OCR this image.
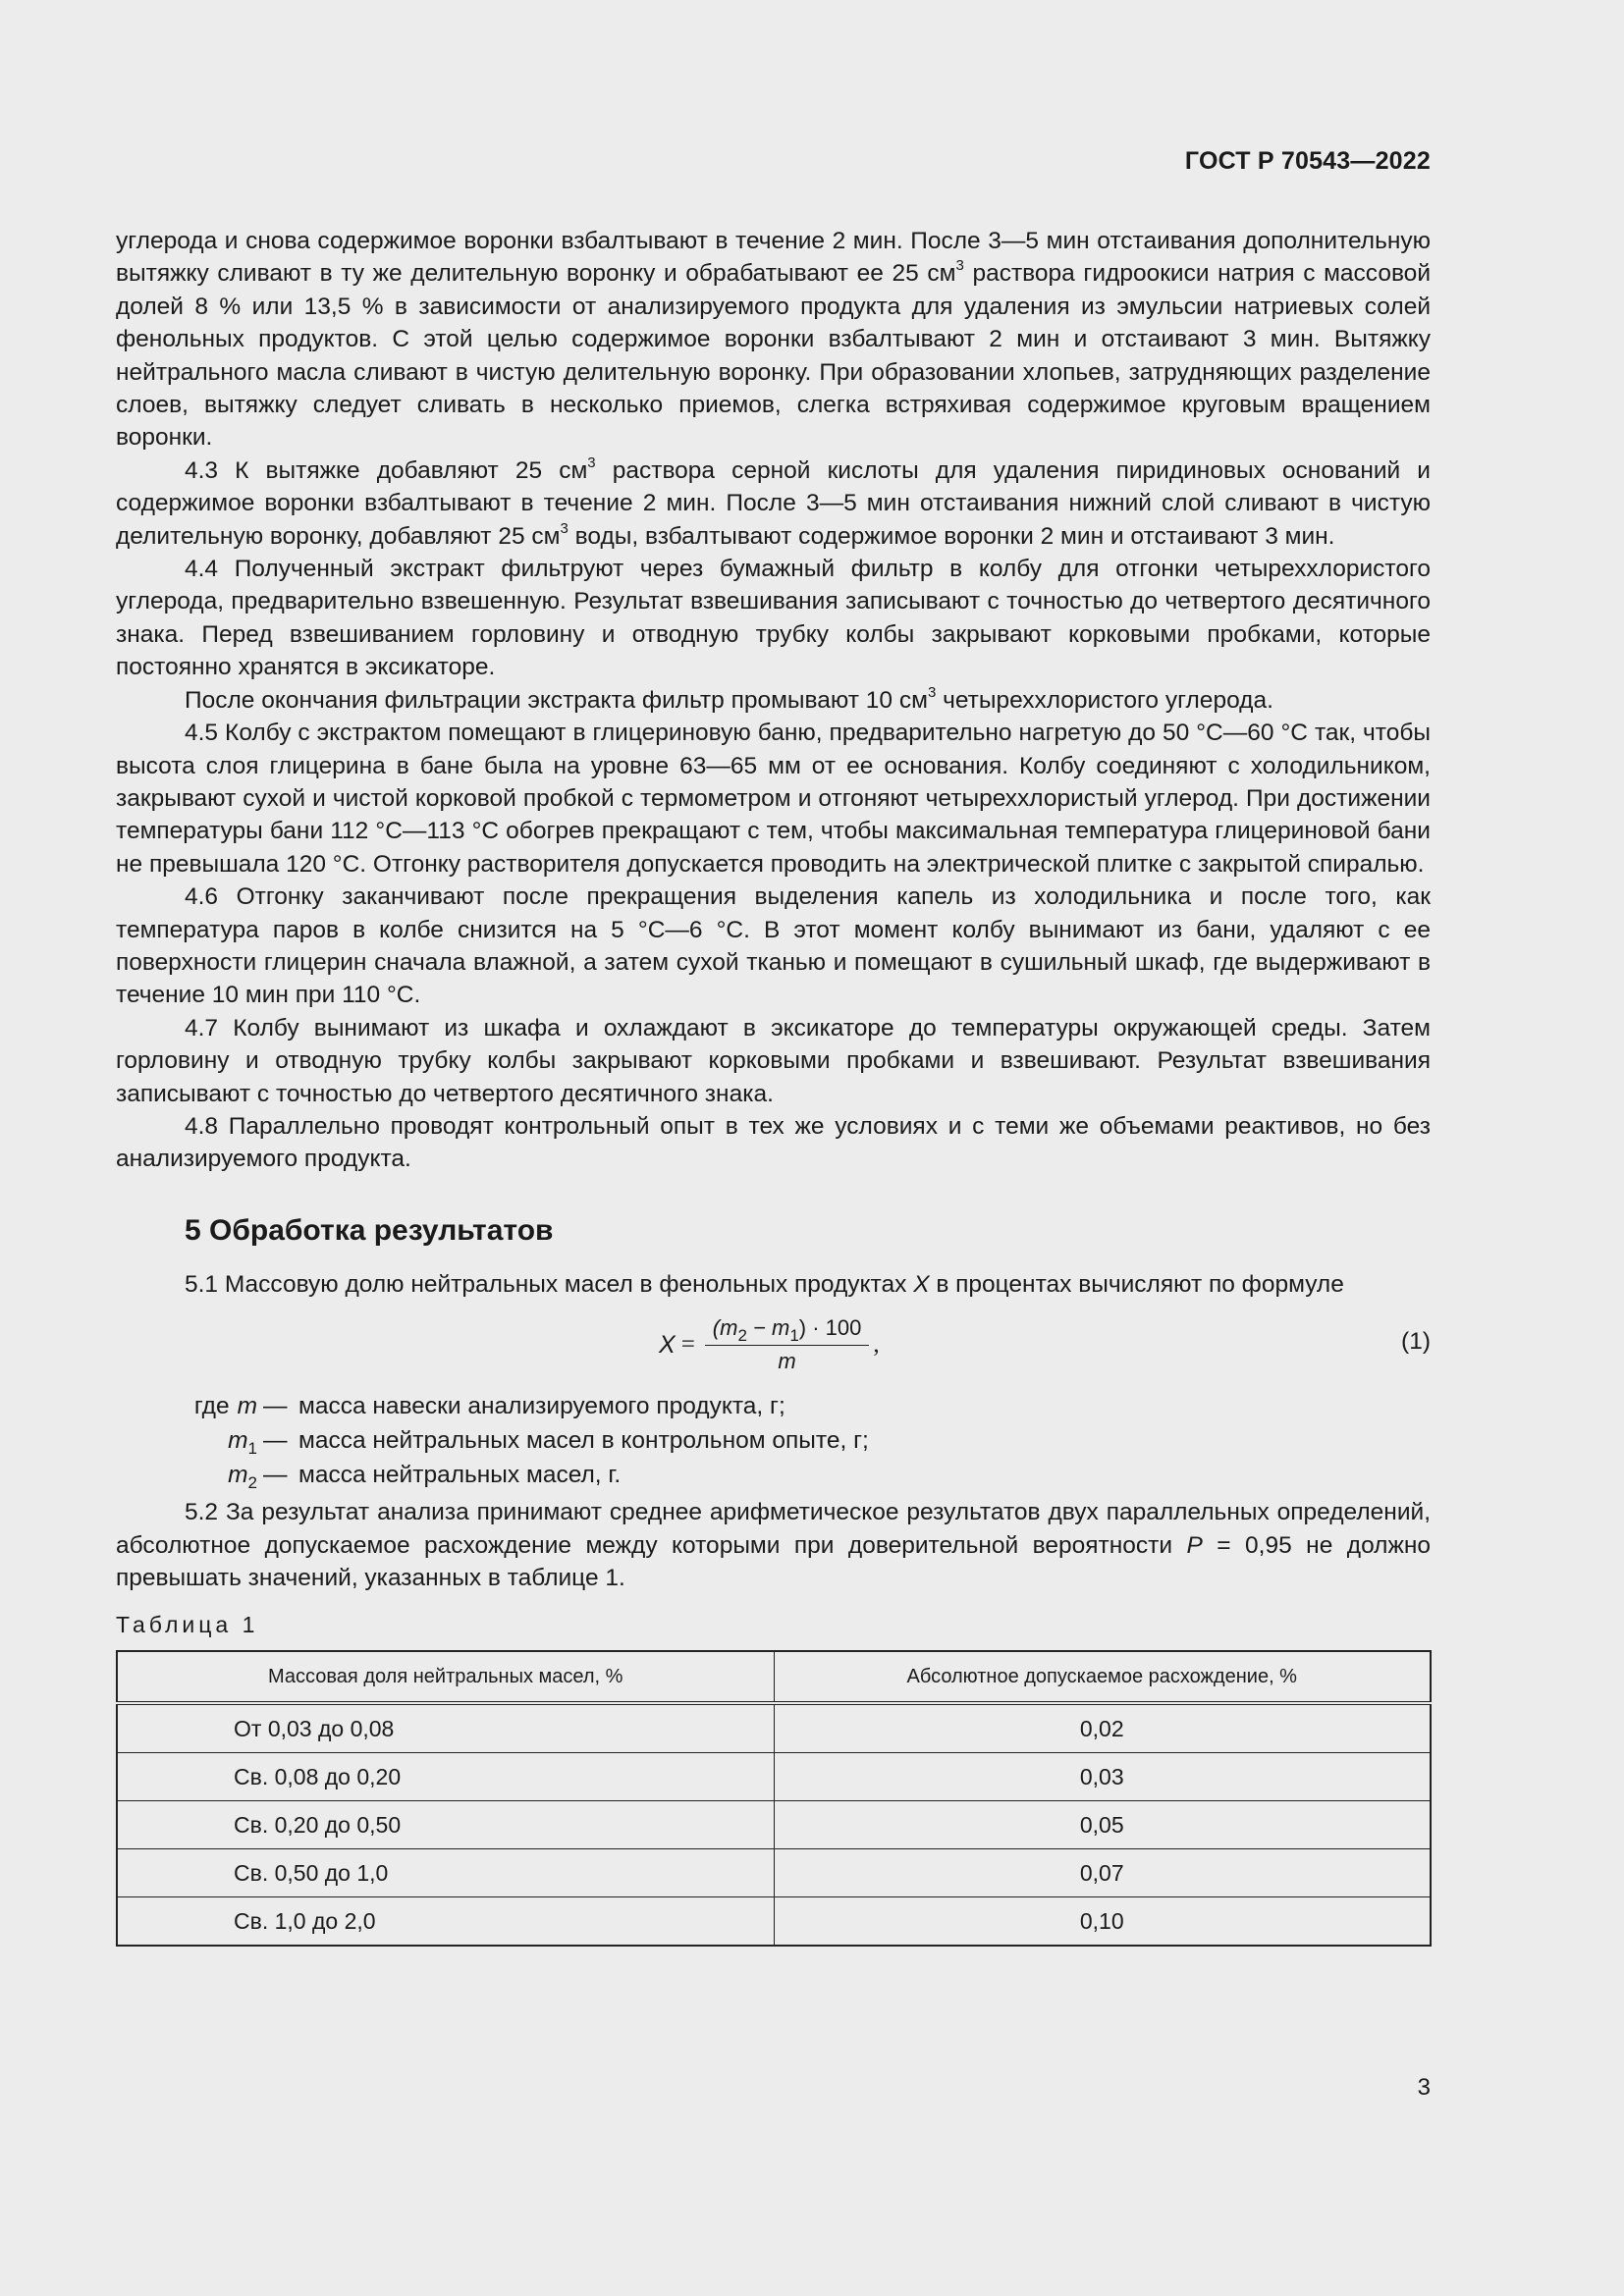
ГОСТ Р 70543—2022

углерода и снова содержимое воронки взбалтывают в течение 2 мин. После 3—5 мин отстаивания дополнительную вытяжку сливают в ту же делительную воронку и обрабатывают ее 25 $см^3$ раствора гидроокиси натрия с массовой долей 8 % или 13,5 % в зависимости от анализируемого продукта для удаления из эмульсии натриевых солей фенольных продуктов. С этой целью содержимое воронки взбалтывают 2 мин и отстаивают 3 мин. Вытяжку нейтрального масла сливают в чистую делительную воронку. При образовании хлопьев, затрудняющих разделение слоев, вытяжку следует сливать в несколько приемов, слегка встряхивая содержимое круговым вращением воронки.

4.3 К вытяжке добавляют 25 $см^3$ раствора серной кислоты для удаления пиридиновых оснований и содержимое воронки взбалтывают в течение 2 мин. После 3—5 мин отстаивания нижний слой сливают в чистую делительную воронку, добавляют 25 $см^3$ воды, взбалтывают содержимое воронки 2 мин и отстаивают 3 мин.

4.4 Полученный экстракт фильтруют через бумажный фильтр в колбу для отгонки четыреххлористого углерода, предварительно взвешенную. Результат взвешивания записывают с точностью до четвертого десятичного знака. Перед взвешиванием горловину и отводную трубку колбы закрывают корковыми пробками, которые постоянно хранятся в эксикаторе.

После окончания фильтрации экстракта фильтр промывают 10 $см^3$ четыреххлористого углерода.

4.5 Колбу с экстрактом помещают в глицериновую баню, предварительно нагретую до 50 °С—60 °С так, чтобы высота слоя глицерина в бане была на уровне 63—65 мм от ее основания. Колбу соединяют с холодильником, закрывают сухой и чистой корковой пробкой с термометром и отгоняют четыреххлористый углерод. При достижении температуры бани 112 °С—113 °С обогрев прекращают с тем, чтобы максимальная температура глицериновой бани не превышала 120 °С. Отгонку растворителя допускается проводить на электрической плитке с закрытой спиралью.

4.6 Отгонку заканчивают после прекращения выделения капель из холодильника и после того, как температура паров в колбе снизится на 5 °С—6 °С. В этот момент колбу вынимают из бани, удаляют с ее поверхности глицерин сначала влажной, а затем сухой тканью и помещают в сушильный шкаф, где выдерживают в течение 10 мин при 110 °С.

4.7 Колбу вынимают из шкафа и охлаждают в эксикаторе до температуры окружающей среды. Затем горловину и отводную трубку колбы закрывают корковыми пробками и взвешивают. Результат взвешивания записывают с точностью до четвертого десятичного знака.

4.8 Параллельно проводят контрольный опыт в тех же условиях и с теми же объемами реактивов, но без анализируемого продукта.

5 Обработка результатов

5.1 Массовую долю нейтральных масел в фенольных продуктах X в процентах вычисляют по формуле

$X = \frac{(m_2 - m_1) \cdot 100}{m}$ ,	(1)
где m — масса навески анализируемого продукта, г;
$m_1$ — масса нейтральных масел в контрольном опыте, г;
$m_2$ — масса нейтральных масел, г.

5.2 За результат анализа принимают среднее арифметическое результатов двух параллельных определений, абсолютное допускаемое расхождение между которыми при доверительной вероятности P = 0,95 не должно превышать значений, указанных в таблице 1.

Таблица 1
Массовая доля нейтральных масел, %	Абсолютное допускаемое расхождение, %
От 0,03 до 0,08	0,02
Св. 0,08 до 0,20	0,03
Св. 0,20 до 0,50	0,05
Св. 0,50 до 1,0	0,07
Св. 1,0 до 2,0	0,10
3
